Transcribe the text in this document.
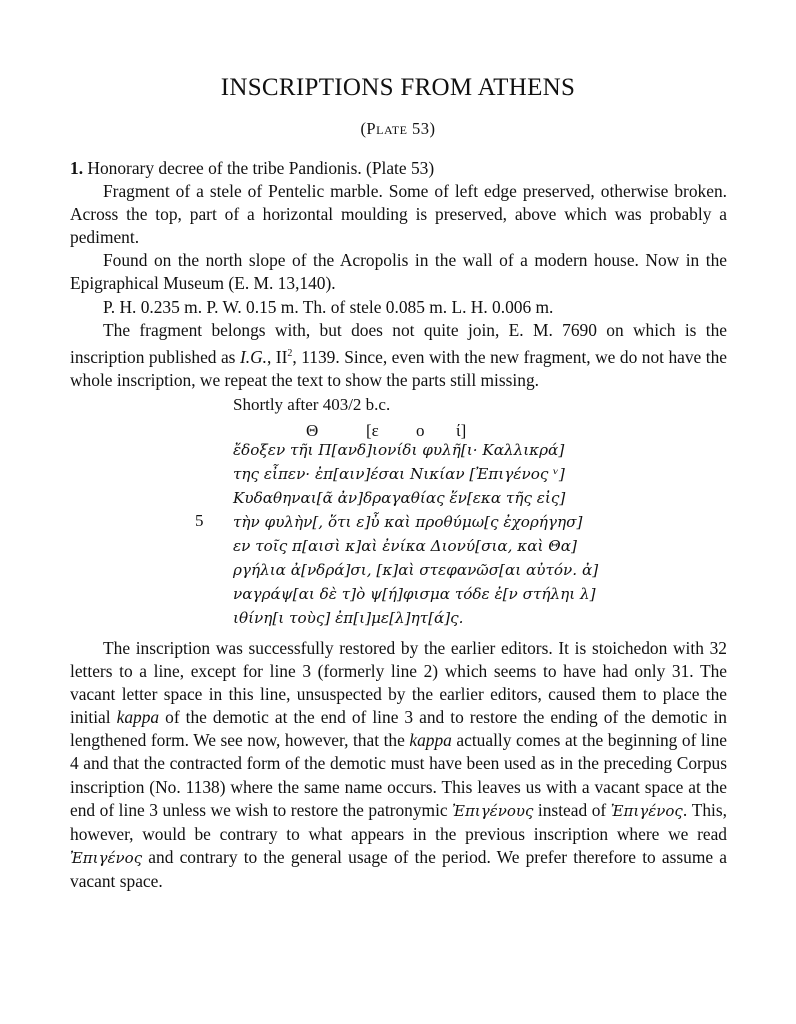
INSCRIPTIONS FROM ATHENS
(Plate 53)

1. Honorary decree of the tribe Pandionis. (Plate 53)

Fragment of a stele of Pentelic marble. Some of left edge preserved, otherwise broken. Across the top, part of a horizontal moulding is preserved, above which was probably a pediment.

Found on the north slope of the Acropolis in the wall of a modern house. Now in the Epigraphical Museum (E. M. 13,140).

P. H. 0.235 m. P. W. 0.15 m. Th. of stele 0.085 m. L. H. 0.006 m.

The fragment belongs with, but does not quite join, E. M. 7690 on which is the inscription published as I.G., $II^2$, 1139. Since, even with the new fragment, we do not have the whole inscription, we repeat the text to show the parts still missing.

Shortly after 403/2 b.c.
Θ	[ε ο ί]
ἔδοξεν τῆι Π[ανδ]ιονίδι φυλῆ[ι· Καλλικρά]
της εἶπεν· ἐπ[αιν]έσαι Νικίαν [Ἐπιγένος ᵛ]
Κυδαθηναι[ᾶ ἀν]δραγαθίας ἕν[εκα τῆς εἰς]
τὴν φυλὴν[, ὅτι ε]ὖ καὶ προθύμω[ς ἐχορήγησ]
εν τοῖς π[αισὶ κ]αὶ ἐνίκα Διονύ[σια, καὶ Θα]
ργήλια ἀ[νδρά]σι, [κ]αὶ στεφανῶσ[αι αὐτόν. ἀ]
ναγράψ[αι δὲ τ]ὸ ψ[ή]φισμα τόδε ἐ[ν στήληι λ]
ιθίνη[ι τοὺς] ἐπ[ι]με[λ]ητ[ά]ς.
5

The inscription was successfully restored by the earlier editors. It is stoichedon with 32 letters to a line, except for line 3 (formerly line 2) which seems to have had only 31. The vacant letter space in this line, unsuspected by the earlier editors, caused them to place the initial kappa of the demotic at the end of line 3 and to restore the ending of the demotic in lengthened form. We see now, however, that the kappa actually comes at the beginning of line 4 and that the contracted form of the demotic must have been used as in the preceding Corpus inscription (No. 1138) where the same name occurs. This leaves us with a vacant space at the end of line 3 unless we wish to restore the patronymic Ἐπιγένους instead of Ἐπιγένος. This, however, would be contrary to what appears in the previous inscription where we read Ἐπιγένος and contrary to the general usage of the period. We prefer therefore to assume a vacant space.
